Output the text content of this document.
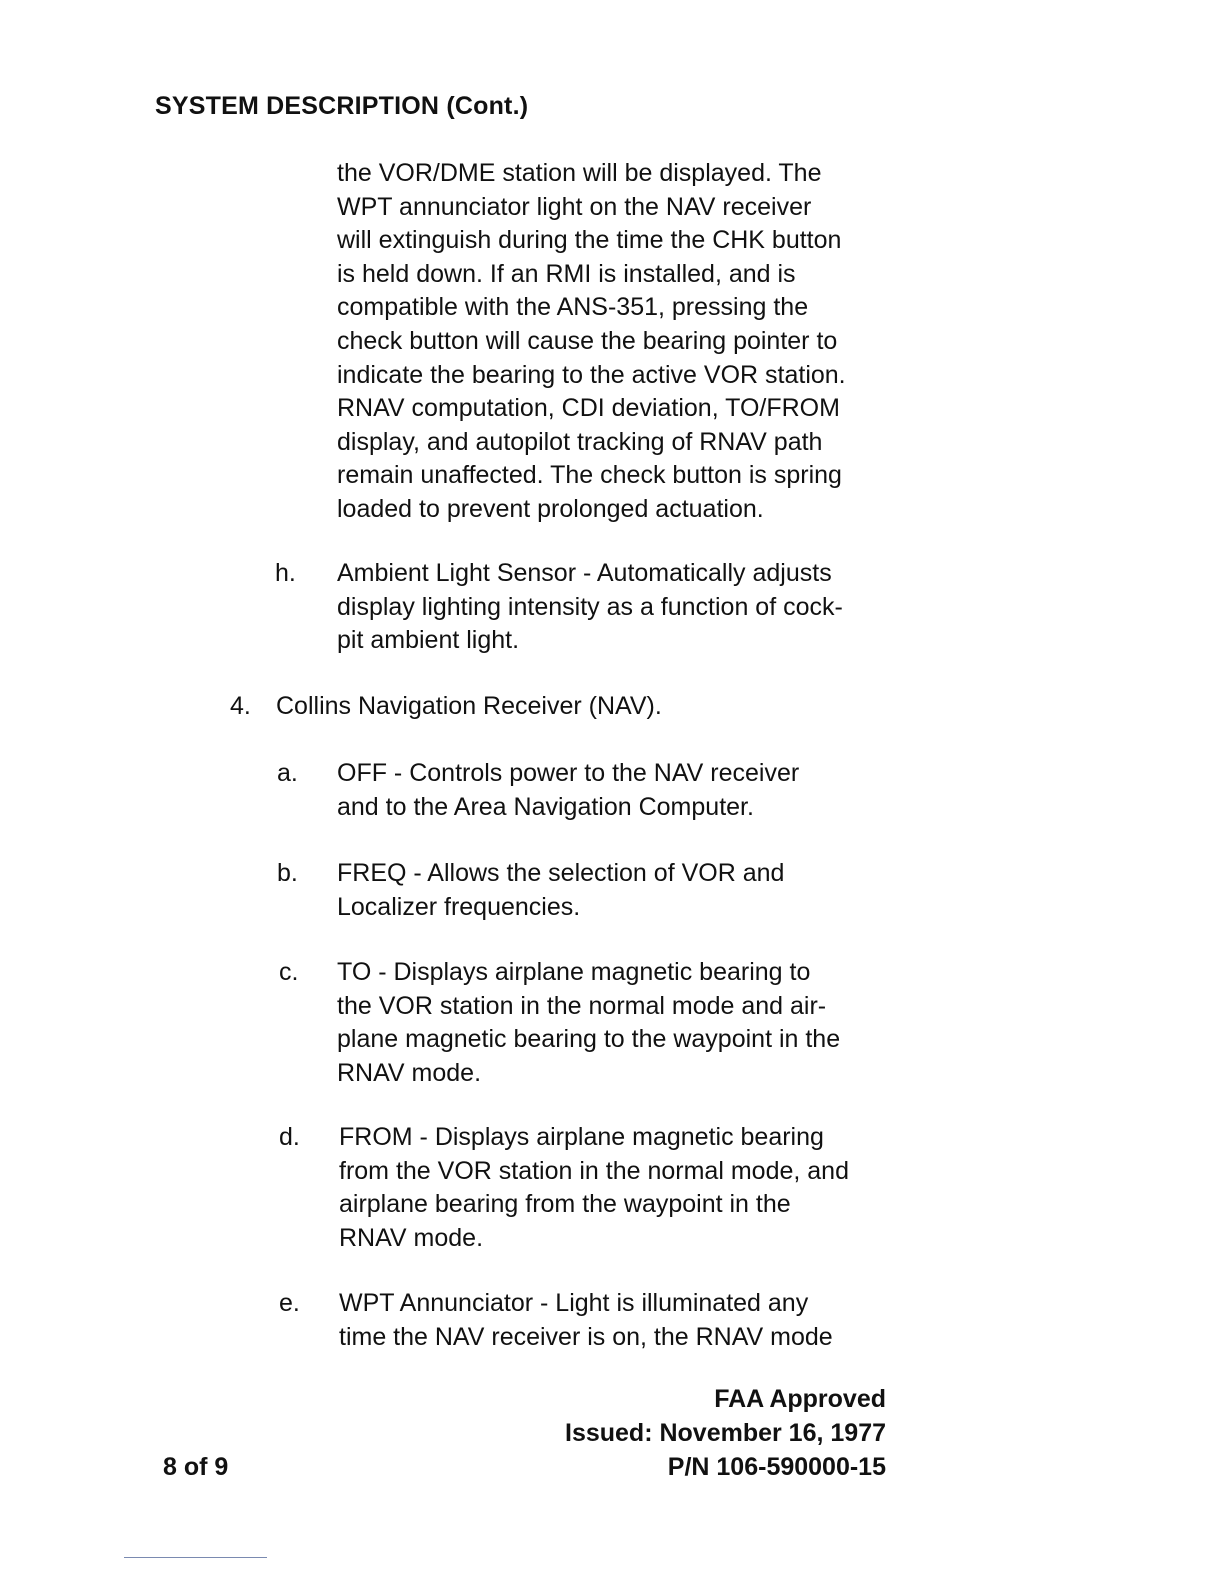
SYSTEM DESCRIPTION (Cont.)
the VOR/DME station will be displayed. The
WPT annunciator light on the NAV receiver
will extinguish during the time the CHK button
is held down. If an RMI is installed, and is
compatible with the ANS-351, pressing the
check button will cause the bearing pointer to
indicate the bearing to the active VOR station.
RNAV computation, CDI deviation, TO/FROM
display, and autopilot tracking of RNAV path
remain unaffected. The check button is spring
loaded to prevent prolonged actuation.
h. Ambient Light Sensor - Automatically adjusts
display lighting intensity as a function of cock-
pit ambient light.
4. Collins Navigation Receiver (NAV).
a. OFF - Controls power to the NAV receiver
and to the Area Navigation Computer.
b. FREQ - Allows the selection of VOR and
Localizer frequencies.
c. TO - Displays airplane magnetic bearing to
the VOR station in the normal mode and air-
plane magnetic bearing to the waypoint in the
RNAV mode.
d. FROM - Displays airplane magnetic bearing
from the VOR station in the normal mode, and
airplane bearing from the waypoint in the
RNAV mode.
e. WPT Annunciator - Light is illuminated any
time the NAV receiver is on, the RNAV mode
FAA Approved
Issued: November 16, 1977
P/N 106-590000-15
8 of 9
